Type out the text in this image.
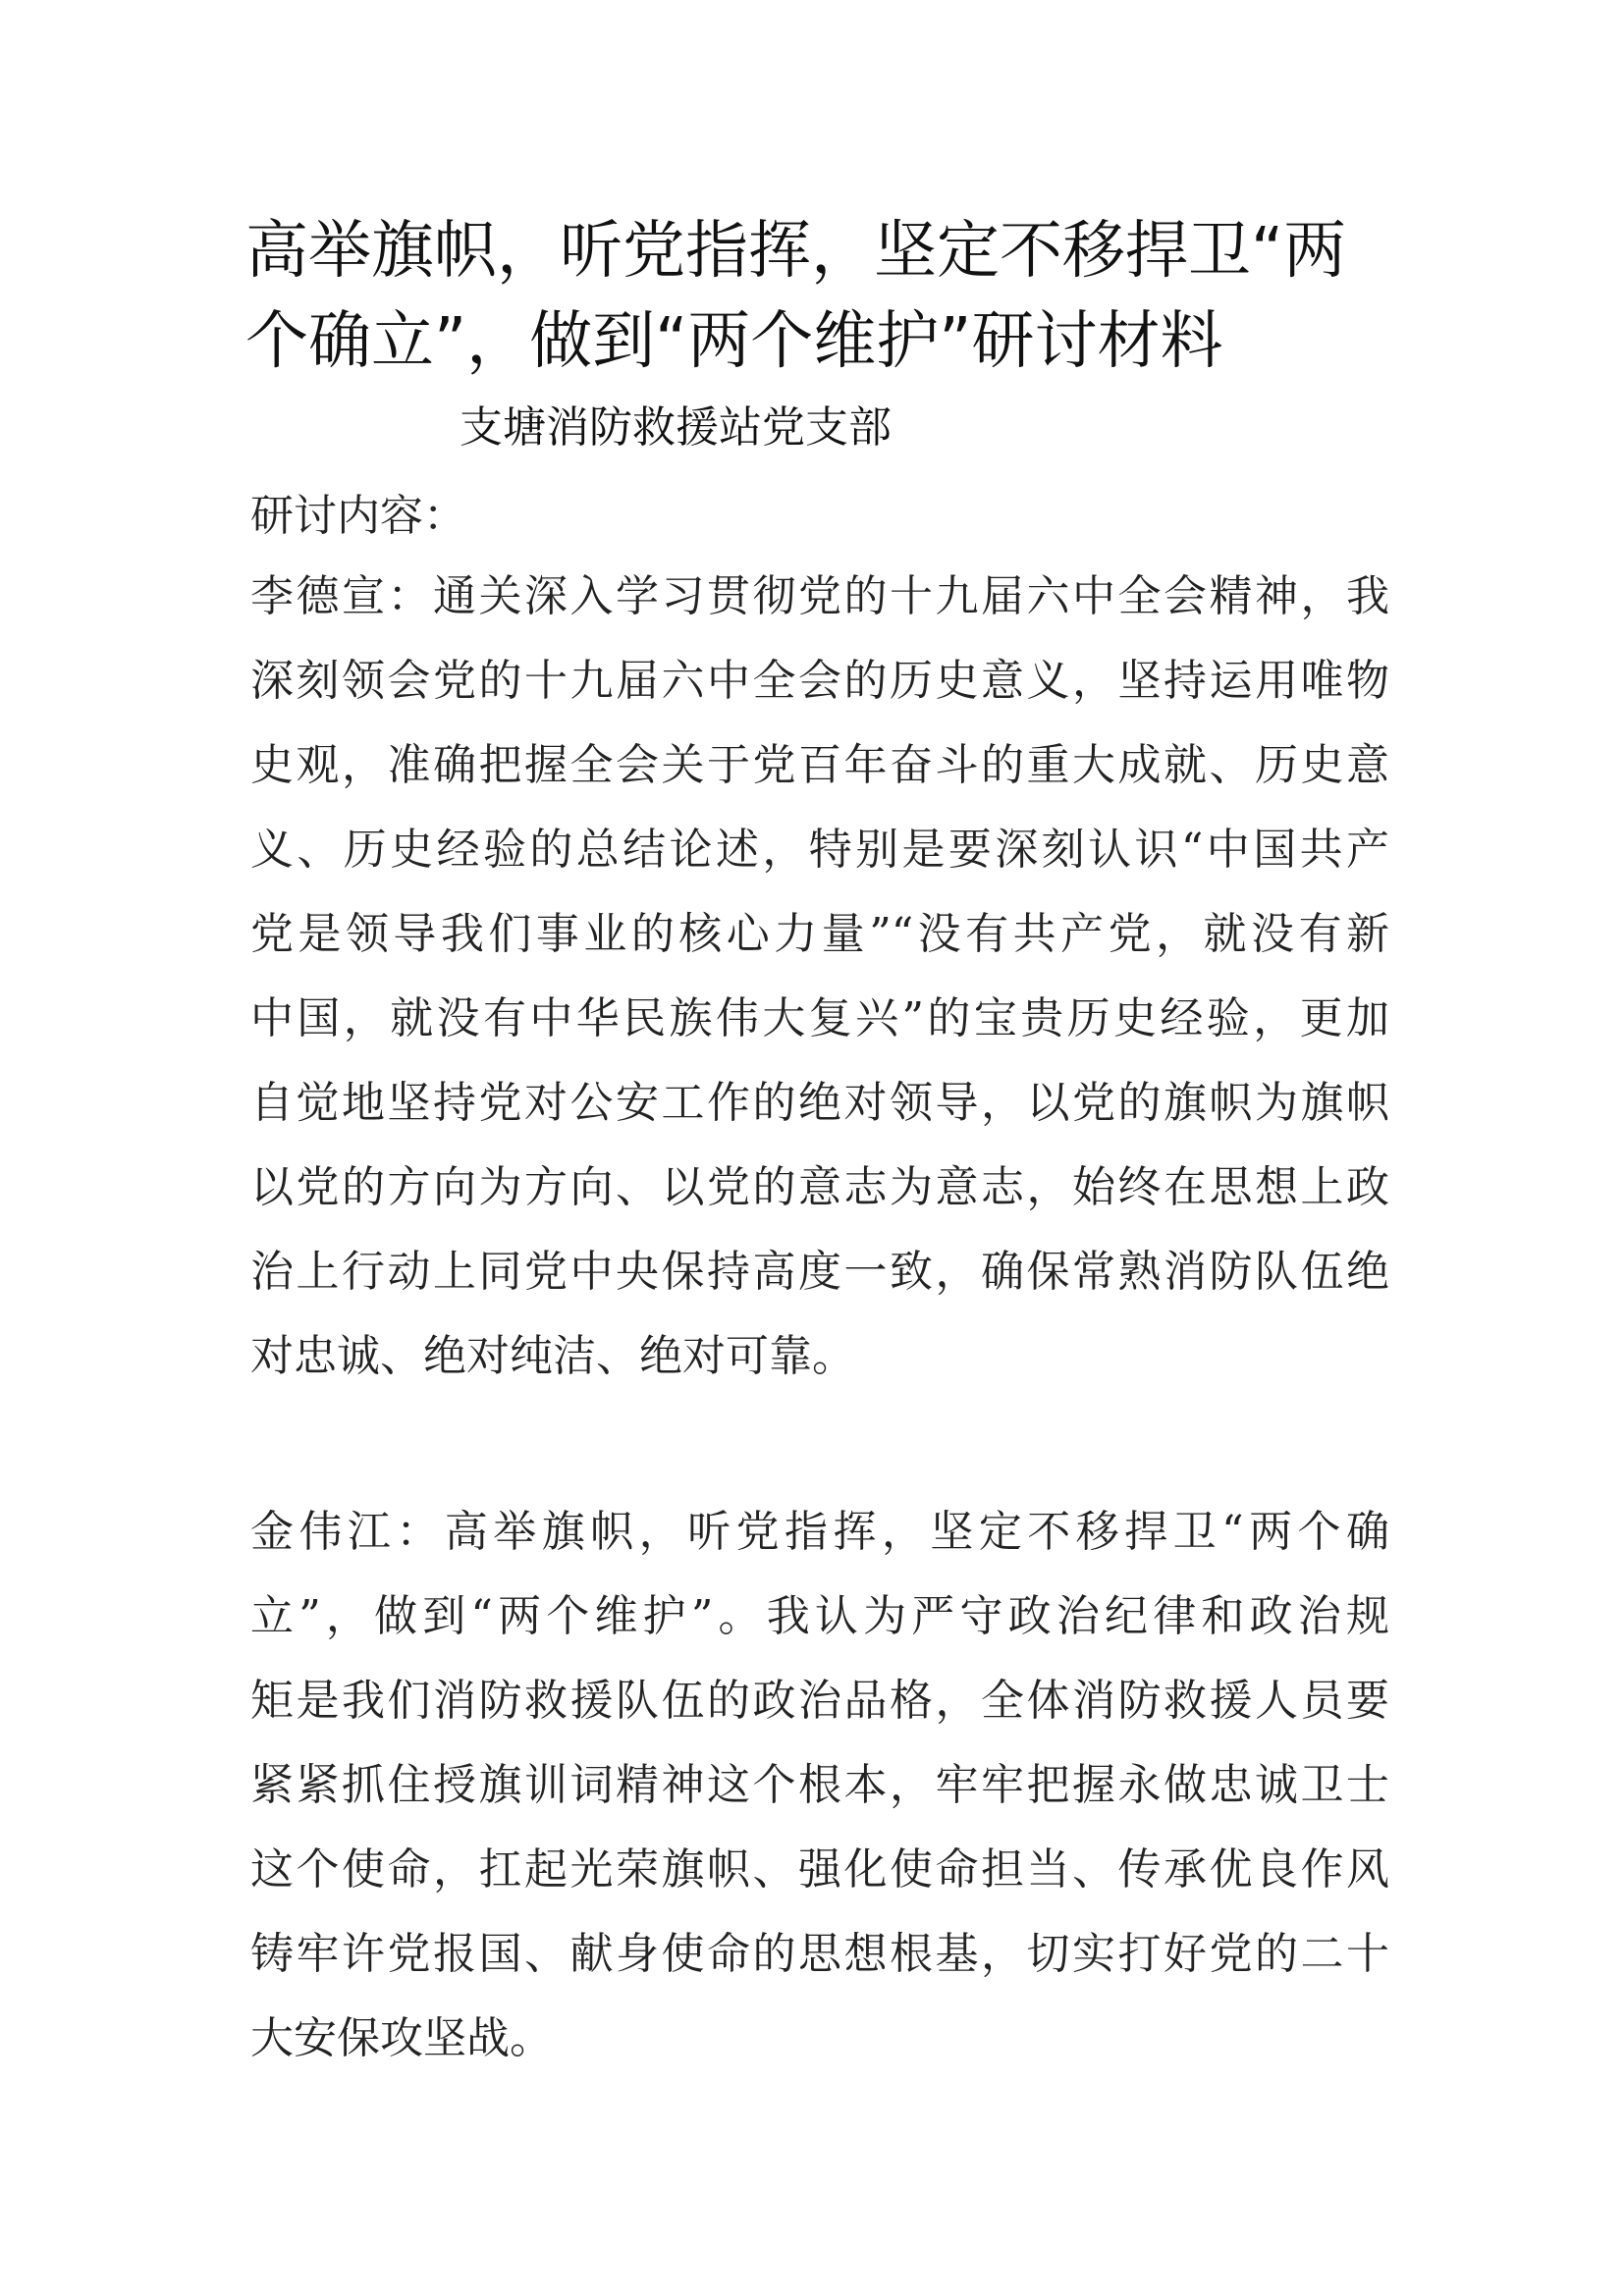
高举旗帜，听党指挥，坚定不移捍卫“两
个确立”，做到“两个维护”研讨材料
支塘消防救援站党支部
研讨内容：
李德宣：通关深入学习贯彻党的十九届六中全会精神，我
深刻领会党的十九届六中全会的历史意义，坚持运用唯物
史观，准确把握全会关于党百年奋斗的重大成就、历史意
义、历史经验的总结论述，特别是要深刻认识“中国共产
党是领导我们事业的核心力量”“没有共产党，就没有新
中国，就没有中华民族伟大复兴”的宝贵历史经验，更加
自觉地坚持党对公安工作的绝对领导，以党的旗帜为旗帜
以党的方向为方向、以党的意志为意志，始终在思想上政
治上行动上同党中央保持高度一致，确保常熟消防队伍绝
对忠诚、绝对纯洁、绝对可靠。
金伟江：高举旗帜，听党指挥，坚定不移捍卫“两个确
立”，做到“两个维护”。我认为严守政治纪律和政治规
矩是我们消防救援队伍的政治品格，全体消防救援人员要
紧紧抓住授旗训词精神这个根本，牢牢把握永做忠诚卫士
这个使命，扛起光荣旗帜、强化使命担当、传承优良作风
铸牢许党报国、献身使命的思想根基，切实打好党的二十
大安保攻坚战。
